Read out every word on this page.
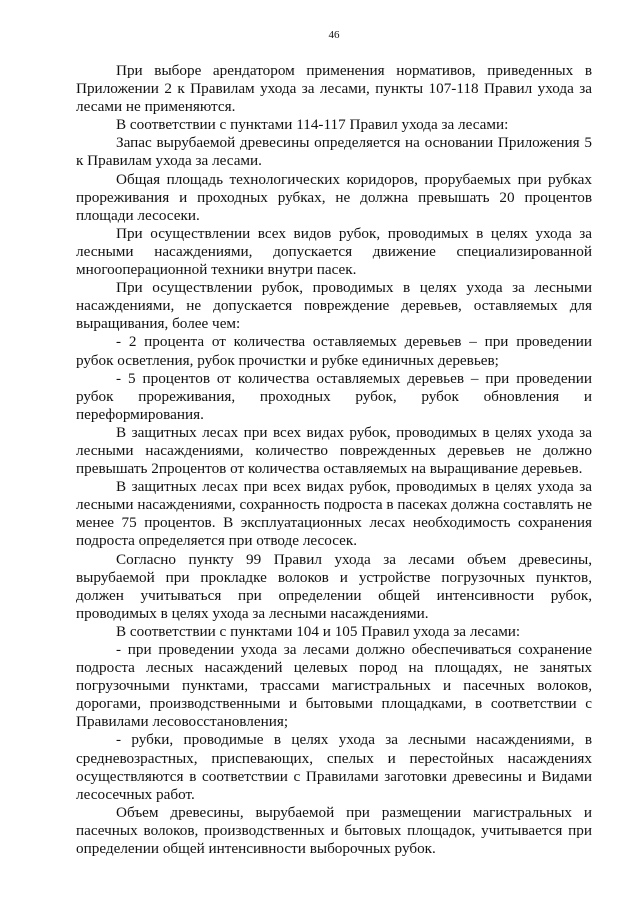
46

При выборе арендатором применения нормативов, приведенных в Приложении 2 к Правилам ухода за лесами, пункты 107-118 Правил ухода за лесами не применяются.

В соответствии с пунктами 114-117 Правил ухода за лесами:

Запас вырубаемой древесины определяется на основании Приложения 5 к Правилам ухода за лесами.

Общая площадь технологических коридоров, прорубаемых при рубках прореживания и проходных рубках, не должна превышать 20 процентов площади лесосеки.

При осуществлении всех видов рубок, проводимых в целях ухода за лесными насаждениями, допускается движение специализированной многооперационной техники внутри пасек.

При осуществлении рубок, проводимых в целях ухода за лесными насаждениями, не допускается повреждение деревьев, оставляемых для выращивания, более чем:

- 2 процента от количества оставляемых деревьев – при проведении рубок осветления, рубок прочистки и рубке единичных деревьев;

- 5 процентов от количества оставляемых деревьев – при проведении рубок прореживания, проходных рубок, рубок обновления и переформирования.

В защитных лесах при всех видах рубок, проводимых в целях ухода за лесными насаждениями, количество поврежденных деревьев не должно превышать 2процентов от количества оставляемых на выращивание деревьев.

В защитных лесах при всех видах рубок, проводимых в целях ухода за лесными насаждениями, сохранность подроста в пасеках должна составлять не менее 75 процентов. В эксплуатационных лесах необходимость сохранения подроста определяется при отводе лесосек.

Согласно пункту 99 Правил ухода за лесами объем древесины, вырубаемой при прокладке волоков и устройстве погрузочных пунктов, должен учитываться при определении общей интенсивности рубок, проводимых в целях ухода за лесными насаждениями.

В соответствии с пунктами 104 и 105 Правил ухода за лесами:

- при проведении ухода за лесами должно обеспечиваться сохранение подроста лесных насаждений целевых пород на площадях, не занятых погрузочными пунктами, трассами магистральных и пасечных волоков, дорогами, производственными и бытовыми площадками, в соответствии с Правилами лесовосстановления;

- рубки, проводимые в целях ухода за лесными насаждениями, в средневозрастных, приспевающих, спелых и перестойных насаждениях осуществляются в соответствии с Правилами заготовки древесины и Видами лесосечных работ.

Объем древесины, вырубаемой при размещении магистральных и пасечных волоков, производственных и бытовых площадок, учитывается при определении общей интенсивности выборочных рубок.
